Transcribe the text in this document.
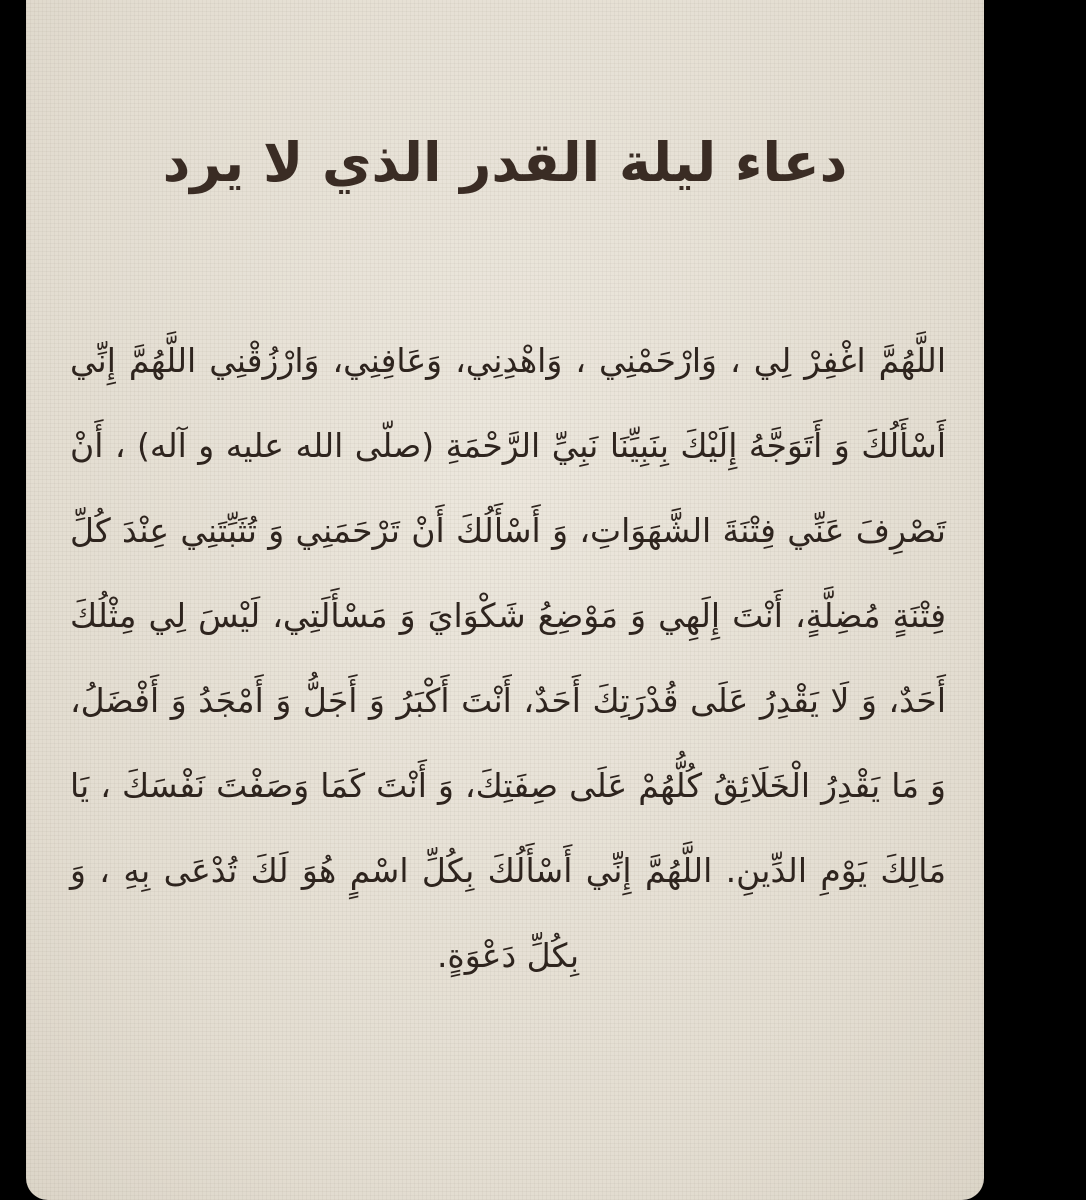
دعاء ليلة القدر الذي لا يرد

اللَّهُمَّ اغْفِرْ لِي ، وَارْحَمْنِي ، وَاهْدِنِي، وَعَافِنِي، وَارْزُقْنِي اللَّهُمَّ إِنِّي أَسْأَلُكَ وَ أَتَوَجَّهُ إِلَيْكَ بِنَبِيِّنَا نَبِيِّ الرَّحْمَةِ (صلّى الله عليه و آله) ، أَنْ تَصْرِفَ عَنِّي فِتْنَةَ الشَّهَوَاتِ، وَ أَسْأَلُكَ أَنْ تَرْحَمَنِي وَ تُثَبِّتَنِي عِنْدَ كُلِّ فِتْنَةٍ مُضِلَّةٍ، أَنْتَ إِلَهِي وَ مَوْضِعُ شَكْوَايَ وَ مَسْأَلَتِي، لَيْسَ لِي مِثْلُكَ أَحَدٌ، وَ لَا يَقْدِرُ عَلَى قُدْرَتِكَ أَحَدٌ، أَنْتَ أَكْبَرُ وَ أَجَلُّ وَ أَمْجَدُ وَ أَفْضَلُ، وَ مَا يَقْدِرُ الْخَلَائِقُ كُلُّهُمْ عَلَى صِفَتِكَ، وَ أَنْتَ كَمَا وَصَفْتَ نَفْسَكَ ، يَا مَالِكَ يَوْمِ الدِّينِ. اللَّهُمَّ إِنِّي أَسْأَلُكَ بِكُلِّ اسْمٍ هُوَ لَكَ تُدْعَى بِهِ ، وَ بِكُلِّ دَعْوَةٍ.
